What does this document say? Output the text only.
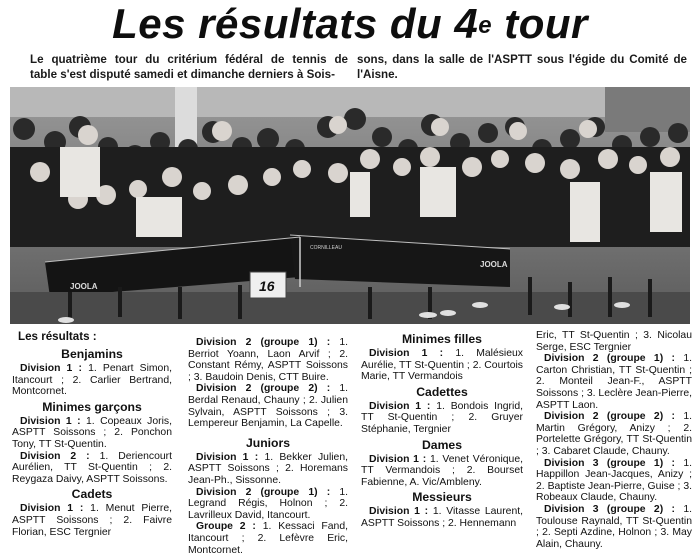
Les résultats du 4e tour
Le quatrième tour du critérium fédéral de tennis de
table s'est disputé samedi et dimanche derniers à Sois-
sons, dans la salle de l'ASPTT sous l'égide du Comité de l'Aisne.
JOOLA
JOOLA
CORNILLEAU
16
Les résultats :
Benjamins

Division 1 : 1. Penart Simon, Itancourt ; 2. Carlier Bertrand, Montcornet.

Minimes garçons

Division 1 : 1. Copeaux Joris, ASPTT Soissons ; 2. Ponchon Tony, TT St-Quentin.

Division 2 : 1. Deriencourt Aurélien, TT St-Quentin ; 2. Reygaza Daivy, ASPTT Soissons.

Cadets

Division 1 : 1. Menut Pierre, ASPTT Soissons ; 2. Faivre Florian, ESC Tergnier

Division 2 (groupe 1) : 1. Berriot Yoann, Laon Arvif ; 2. Constant Rémy, ASPTT Soissons ; 3. Baudoin Denis, CTT Buire.

Division 2 (groupe 2) : 1. Berdal Renaud, Chauny ; 2. Julien Sylvain, ASPTT Soissons ; 3. Lempereur Benjamin, La Capelle.

Juniors

Division 1 : 1. Bekker Julien, ASPTT Soissons ; 2. Horemans Jean-Ph., Sissonne.

Division 2 (groupe 1) : 1. Legrand Régis, Holnon ; 2. Lavrilleux David, Itancourt.

Groupe 2 : 1. Kessaci Fand, Itancourt ; 2. Lefèvre Eric, Montcornet.

Minimes filles

Division 1 : 1. Malésieux Aurélie, TT St-Quentin ; 2. Courtois Marie, TT Vermandois

Cadettes

Division 1 : 1. Bondois Ingrid, TT St-Quentin ; 2. Gruyer Stéphanie, Tergnier

Dames

Division 1 : 1. Venet Véronique, TT Vermandois ; 2. Bourset Fabienne, A. Vic/Ambleny.

Messieurs

Division 1 : 1. Vitasse Laurent, ASPTT Soissons ; 2. Hennemann

Eric, TT St-Quentin ; 3. Nicolau Serge, ESC Tergnier

Division 2 (groupe 1) : 1. Carton Christian, TT St-Quentin ; 2. Monteil Jean-F., ASPTT Soissons ; 3. Leclère Jean-Pierre, ASPTT Laon.

Division 2 (groupe 2) : 1. Martin Grégory, Anizy ; 2. Portelette Grégory, TT St-Quentin ; 3. Cabaret Claude, Chauny.

Division 3 (groupe 1) : 1. Happillon Jean-Jacques, Anizy ; 2. Baptiste Jean-Pierre, Guise ; 3. Robeaux Claude, Chauny.

Division 3 (groupe 2) : 1. Toulouse Raynald, TT St-Quentin ; 2. Septi Azdine, Holnon ; 3. May Alain, Chauny.
